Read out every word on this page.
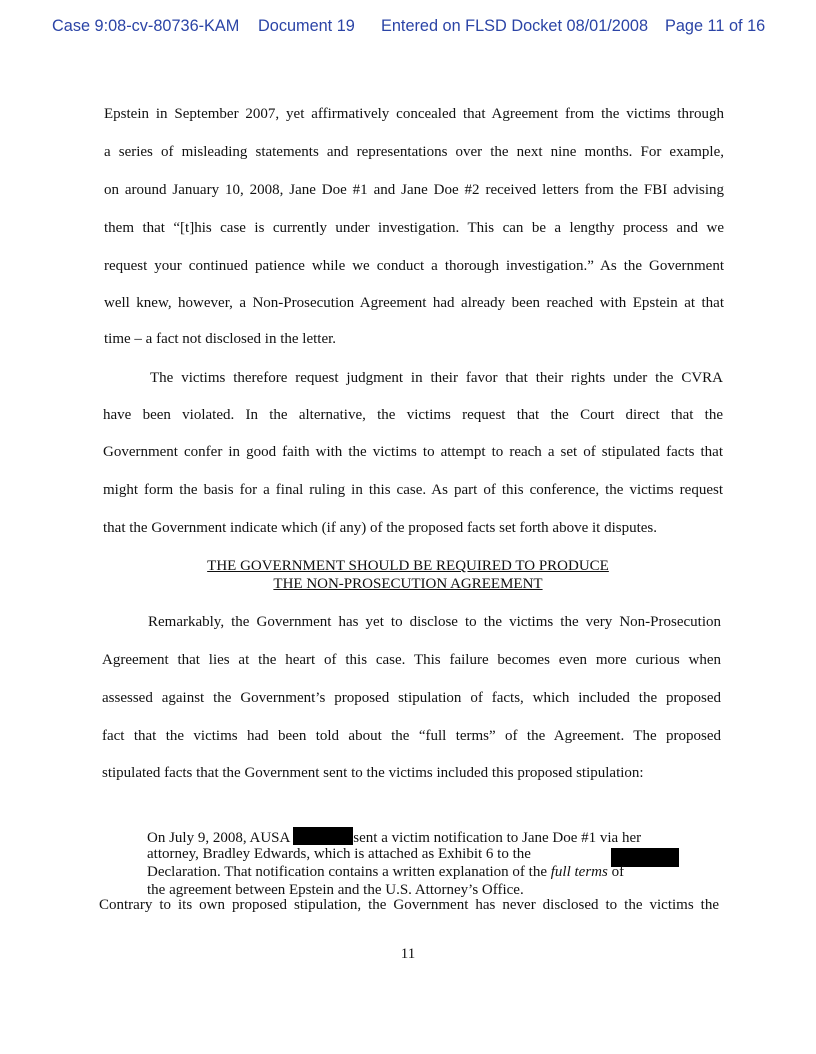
Case 9:08-cv-80736-KAM Document 19 Entered on FLSD Docket 08/01/2008 Page 11 of 16
Epstein in September 2007, yet affirmatively concealed that Agreement from the victims through
a series of misleading statements and representations over the next nine months. For example,
on around January 10, 2008, Jane Doe #1 and Jane Doe #2 received letters from the FBI advising
them that “[t]his case is currently under investigation. This can be a lengthy process and we
request your continued patience while we conduct a thorough investigation.” As the Government
well knew, however, a Non-Prosecution Agreement had already been reached with Epstein at that
time – a fact not disclosed in the letter.
The victims therefore request judgment in their favor that their rights under the CVRA
have been violated. In the alternative, the victims request that the Court direct that the
Government confer in good faith with the victims to attempt to reach a set of stipulated facts that
might form the basis for a final ruling in this case. As part of this conference, the victims request
that the Government indicate which (if any) of the proposed facts set forth above it disputes.
THE GOVERNMENT SHOULD BE REQUIRED TO PRODUCE
THE NON-PROSECUTION AGREEMENT
Remarkably, the Government has yet to disclose to the victims the very Non-Prosecution
Agreement that lies at the heart of this case. This failure becomes even more curious when
assessed against the Government’s proposed stipulation of facts, which included the proposed
fact that the victims had been told about the “full terms” of the Agreement. The proposed
stipulated facts that the Government sent to the victims included this proposed stipulation:
On July 9, 2008, AUSA	sent a victim notification to Jane Doe #1 via her
attorney, Bradley Edwards, which is attached as Exhibit 6 to the
Declaration. That notification contains a written explanation of the full terms of
the agreement between Epstein and the U.S. Attorney’s Office.
Contrary to its own proposed stipulation, the Government has never disclosed to the victims the
11
